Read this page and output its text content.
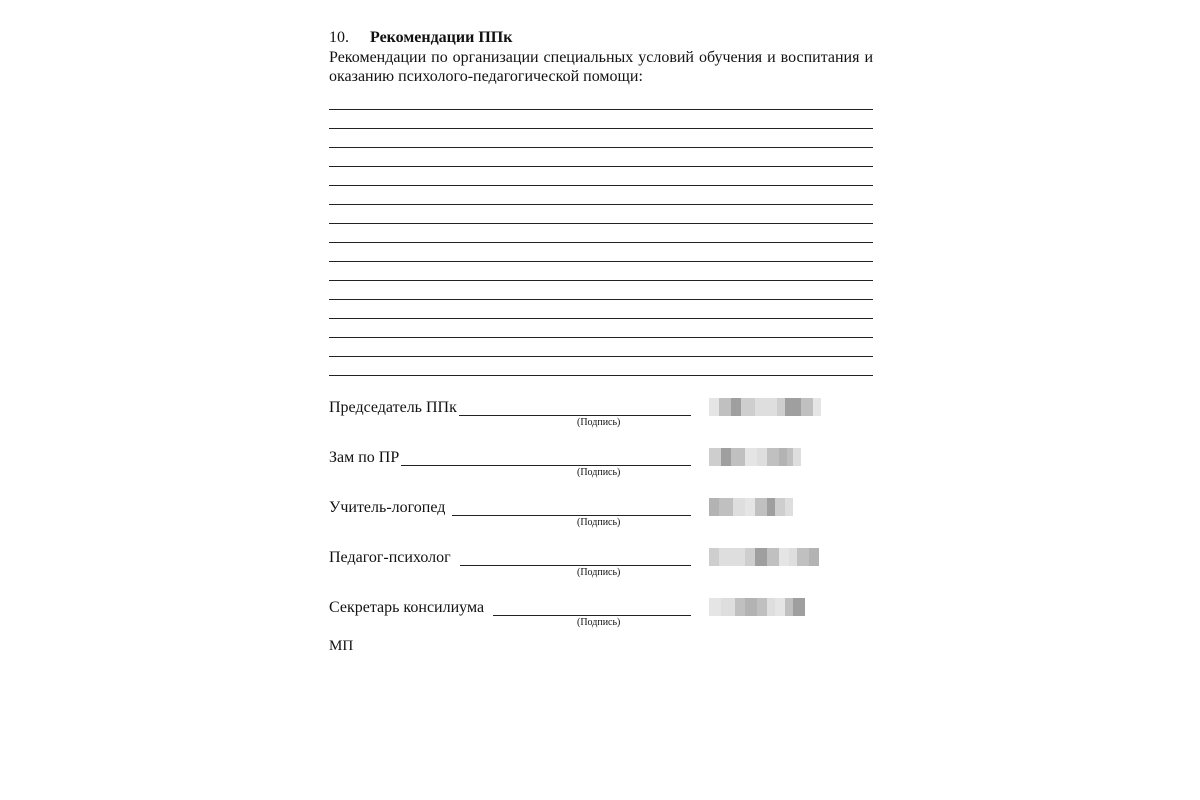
10. Рекомендации ППк
Рекомендации по организации специальных условий обучения и воспитания и оказанию психолого-педагогической помощи:
Председатель ППк
(Подпись)
Зам по ПР
(Подпись)
Учитель-логопед
(Подпись)
Педагог-психолог
(Подпись)
Секретарь консилиума
(Подпись)
МП
